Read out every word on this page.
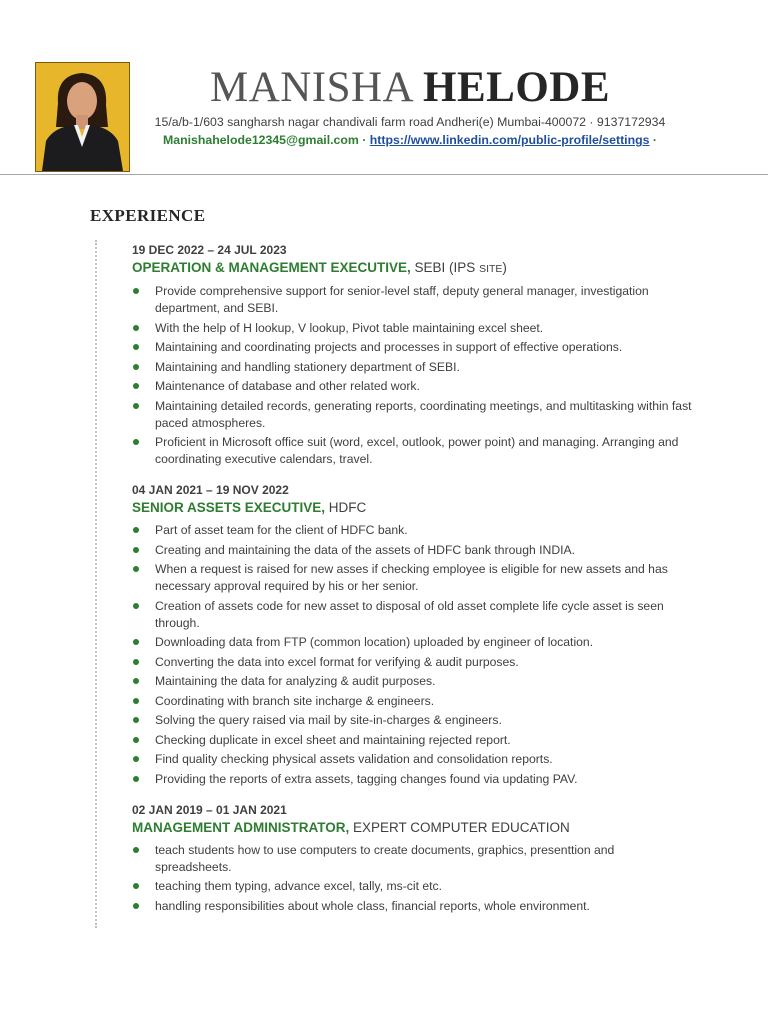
MANISHA HELODE
15/a/b-1/603 sangharsh nagar chandivali farm road Andheri(e) Mumbai-400072 · 9137172934
Manishahelode12345@gmail.com · https://www.linkedin.com/public-profile/settings ·
EXPERIENCE
19 DEC 2022 – 24 JUL 2023
OPERATION & MANAGEMENT EXECUTIVE, SEBI (IPS SITE)
Provide comprehensive support for senior-level staff, deputy general manager, investigation department, and SEBI.
With the help of H lookup, V lookup, Pivot table maintaining excel sheet.
Maintaining and coordinating projects and processes in support of effective operations.
Maintaining and handling stationery department of SEBI.
Maintenance of database and other related work.
Maintaining detailed records, generating reports, coordinating meetings, and multitasking within fast paced atmospheres.
Proficient in Microsoft office suit (word, excel, outlook, power point) and managing. Arranging and coordinating executive calendars, travel.
04 JAN 2021 – 19 NOV 2022
SENIOR ASSETS EXECUTIVE, HDFC
Part of asset team for the client of HDFC bank.
Creating and maintaining the data of the assets of HDFC bank through INDIA.
When a request is raised for new asses if checking employee is eligible for new assets and has necessary approval required by his or her senior.
Creation of assets code for new asset to disposal of old asset complete life cycle asset is seen through.
Downloading data from FTP (common location) uploaded by engineer of location.
Converting the data into excel format for verifying & audit purposes.
Maintaining the data for analyzing & audit purposes.
Coordinating with branch site incharge & engineers.
Solving the query raised via mail by site-in-charges & engineers.
Checking duplicate in excel sheet and maintaining rejected report.
Find quality checking physical assets validation and consolidation reports.
Providing the reports of extra assets, tagging changes found via updating PAV.
02 JAN 2019 – 01 JAN 2021
MANAGEMENT ADMINISTRATOR, EXPERT COMPUTER EDUCATION
teach students how to use computers to create documents, graphics, presenttion and spreadsheets.
teaching them typing, advance excel, tally, ms-cit etc.
handling responsibilities about whole class, financial reports, whole environment.
